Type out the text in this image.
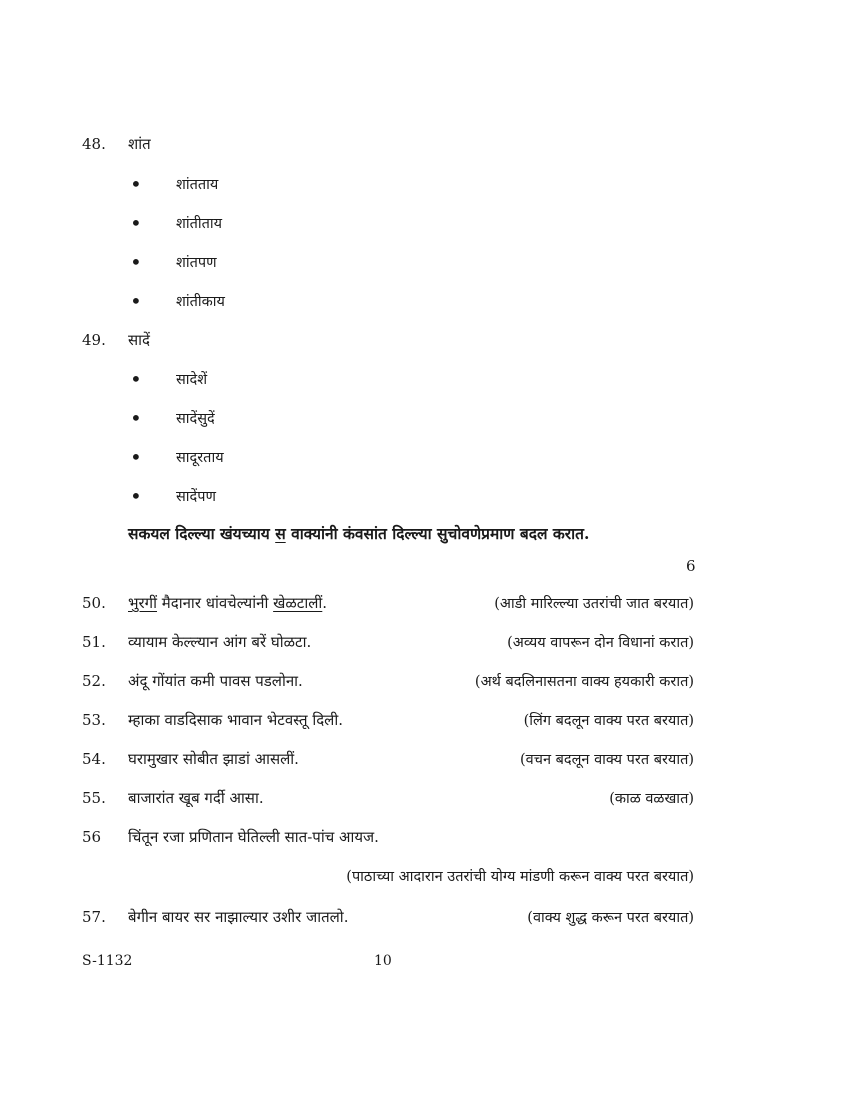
48. शांत
• शांतताय
• शांतीताय
• शांतपण
• शांतीकाय
49. सादें
• सादेशें
• सादेंसुदें
• सादूरताय
• सादेंपण
सकयल दिल्ल्या खंयच्याय स वाक्यांनी कंवसांत दिल्ल्या सुचोवणेप्रमाण बदल करात.
6
50. भुरगीं मैदानार धांवचेल्यांनी खेळटालीं.	(आडी मारिल्ल्या उतरांची जात बरयात)
51. व्यायाम केल्ल्यान आंग बरें घोळटा.	(अव्यय वापरून दोन विधानां करात)
52. अंदू गोंयांत कमी पावस पडलोना.	(अर्थ बदलिनासतना वाक्य हयकारी करात)
53. म्हाका वाडदिसाक भावान भेटवस्तू दिली.	(लिंग बदलून वाक्य परत बरयात)
54. घरामुखार सोबीत झाडां आसलीं.	(वचन बदलून वाक्य परत बरयात)
55. बाजारांत खूब गर्दी आसा.	(काळ वळखात)
56 चिंतून रजा प्रणितान घेतिल्ली सात-पांच आयज.
(पाठाच्या आदारान उतरांची योग्य मांडणी करून वाक्य परत बरयात)
57. बेगीन बायर सर नाझाल्यार उशीर जातलो.	(वाक्य शुद्ध करून परत बरयात)
S-1132	10
